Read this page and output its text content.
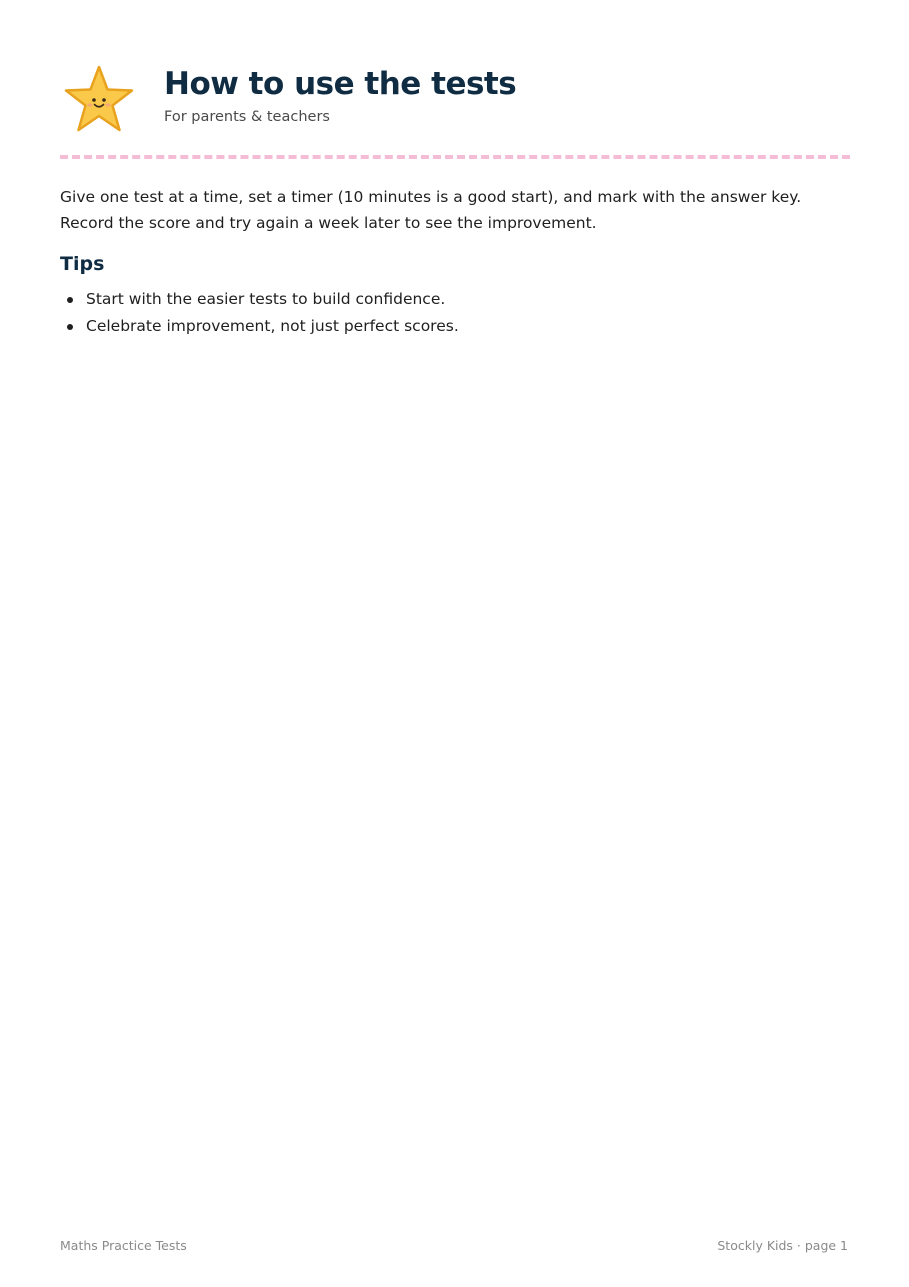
How to use the tests
For parents & teachers

Give one test at a time, set a timer (10 minutes is a good start), and mark with the answer key. Record the score and try again a week later to see the improvement.

Tips
Start with the easier tests to build confidence.
Celebrate improvement, not just perfect scores.
Maths Practice Tests	Stockly Kids · page 1
